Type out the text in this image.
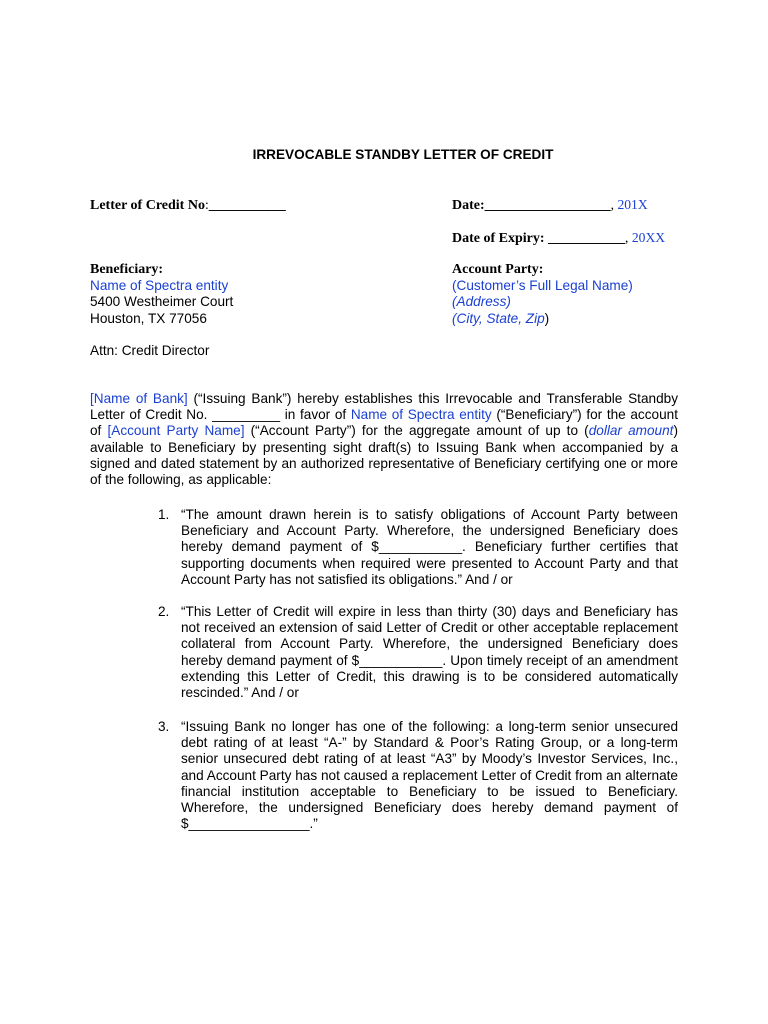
IRREVOCABLE STANDBY LETTER OF CREDIT
Letter of Credit No:___________	Date:__________________, 201X
Date of Expiry: ___________, 20XX
Beneficiary:
Name of Spectra entity
5400 Westheimer Court
Houston, TX 77056
Account Party:
(Customer’s Full Legal Name)
(Address)
(City, State, Zip)
Attn: Credit Director
[Name of Bank] (“Issuing Bank”) hereby establishes this Irrevocable and Transferable Standby Letter of Credit No. _________ in favor of Name of Spectra entity (“Beneficiary”) for the account of [Account Party Name] (“Account Party”) for the aggregate amount of up to (dollar amount) available to Beneficiary by presenting sight draft(s) to Issuing Bank when accompanied by a signed and dated statement by an authorized representative of Beneficiary certifying one or more of the following, as applicable:
1. “The amount drawn herein is to satisfy obligations of Account Party between Beneficiary and Account Party. Wherefore, the undersigned Beneficiary does hereby demand payment of $___________. Beneficiary further certifies that supporting documents when required were presented to Account Party and that Account Party has not satisfied its obligations.” And / or
2. “This Letter of Credit will expire in less than thirty (30) days and Beneficiary has not received an extension of said Letter of Credit or other acceptable replacement collateral from Account Party. Wherefore, the undersigned Beneficiary does hereby demand payment of $___________. Upon timely receipt of an amendment extending this Letter of Credit, this drawing is to be considered automatically rescinded.” And / or
3. “Issuing Bank no longer has one of the following: a long-term senior unsecured debt rating of at least “A-” by Standard & Poor’s Rating Group, or a long-term senior unsecured debt rating of at least “A3” by Moody’s Investor Services, Inc., and Account Party has not caused a replacement Letter of Credit from an alternate financial institution acceptable to Beneficiary to be issued to Beneficiary. Wherefore, the undersigned Beneficiary does hereby demand payment of $________________.”
